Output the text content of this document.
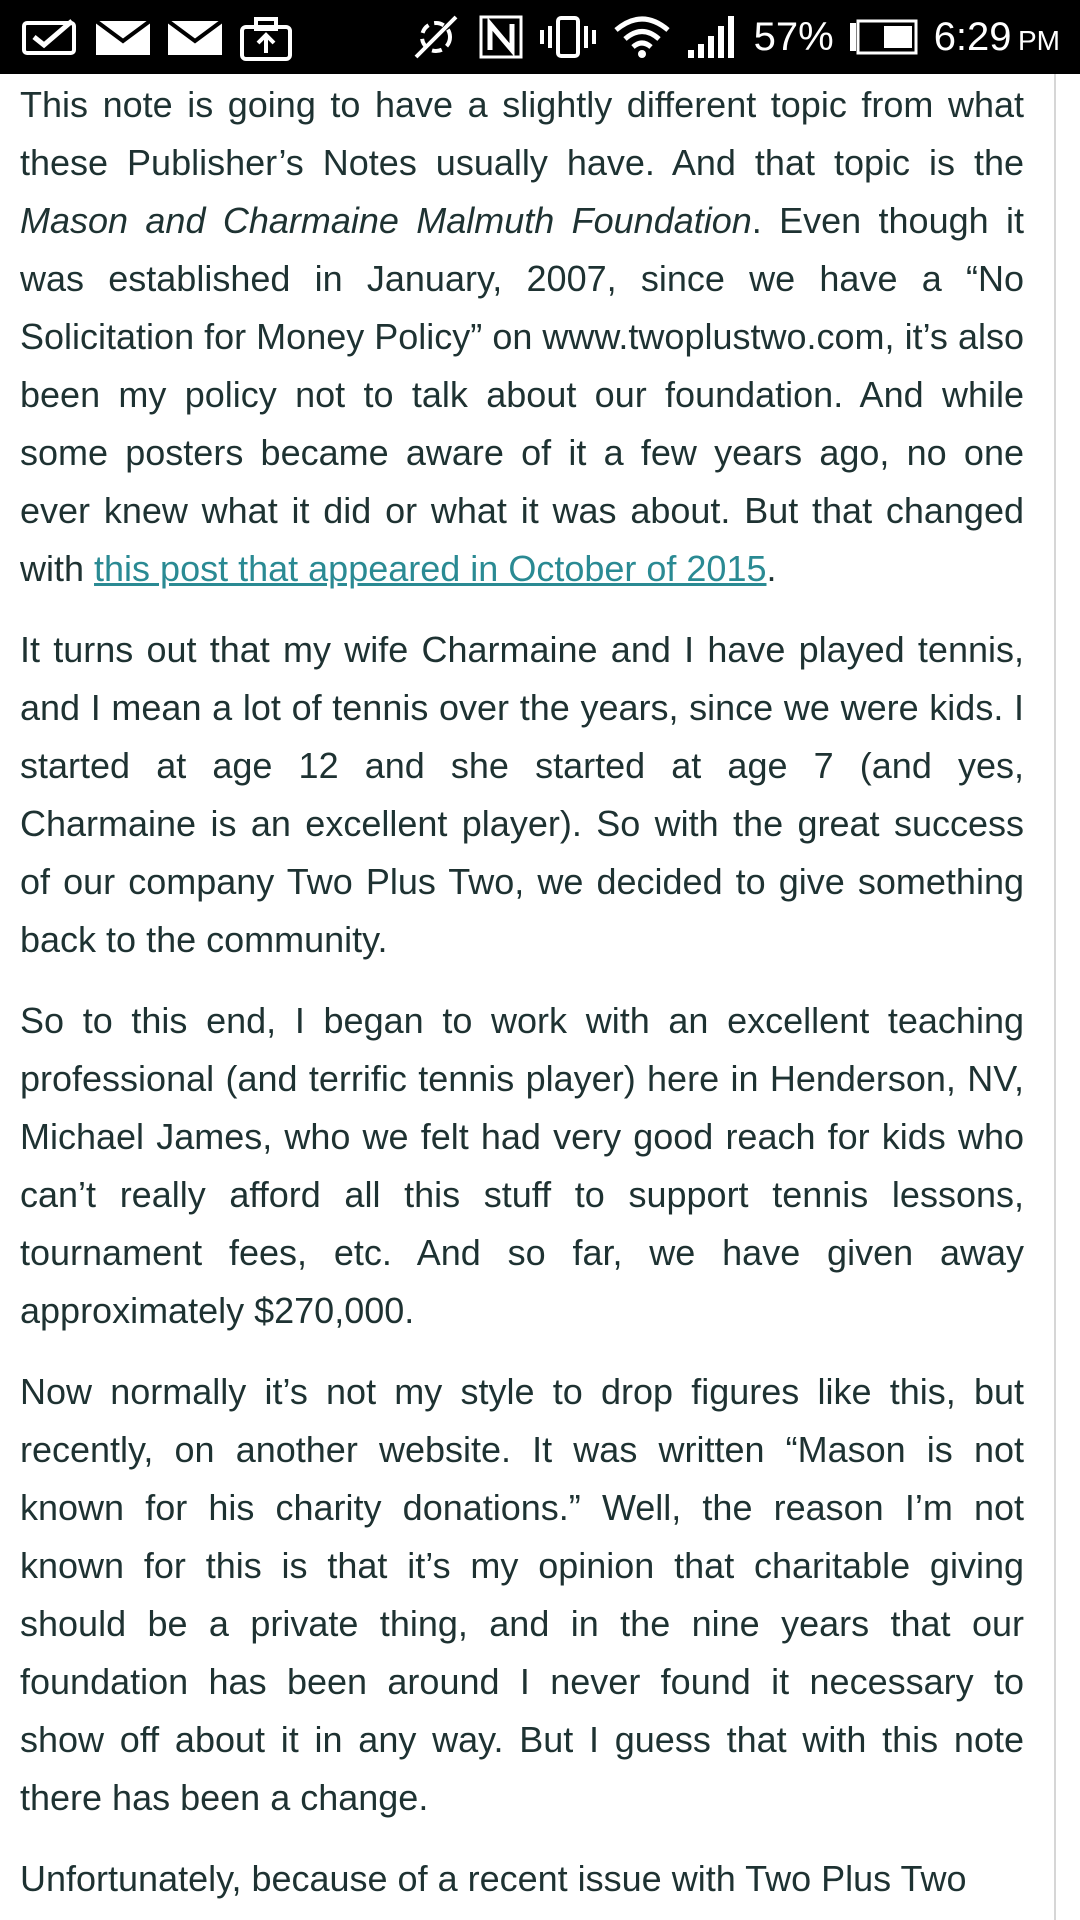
57%	6:29 PM

This note is going to have a slightly different topic from what these Publisher’s Notes usually have. And that topic is the Mason and Charmaine Malmuth Foundation. Even though it was established in January, 2007, since we have a “No Solicitation for Money Policy” on www.twoplustwo.com, it’s also been my policy not to talk about our foundation. And while some posters became aware of it a few years ago, no one ever knew what it did or what it was about. But that changed with this post that appeared in October of 2015.

It turns out that my wife Charmaine and I have played tennis, and I mean a lot of tennis over the years, since we were kids. I started at age 12 and she started at age 7 (and yes, Charmaine is an excellent player). So with the great success of our company Two Plus Two, we decided to give something back to the community.

So to this end, I began to work with an excellent teaching professional (and terrific tennis player) here in Henderson, NV, Michael James, who we felt had very good reach for kids who can’t really afford all this stuff to support tennis lessons, tournament fees, etc. And so far, we have given away approximately $270,000.

Now normally it’s not my style to drop figures like this, but recently, on another website. It was written “Mason is not known for his charity donations.” Well, the reason I’m not known for this is that it’s my opinion that charitable giving should be a private thing, and in the nine years that our foundation has been around I never found it necessary to show off about it in any way. But I guess that with this note there has been a change.

Unfortunately, because of a recent issue with Two Plus Two
